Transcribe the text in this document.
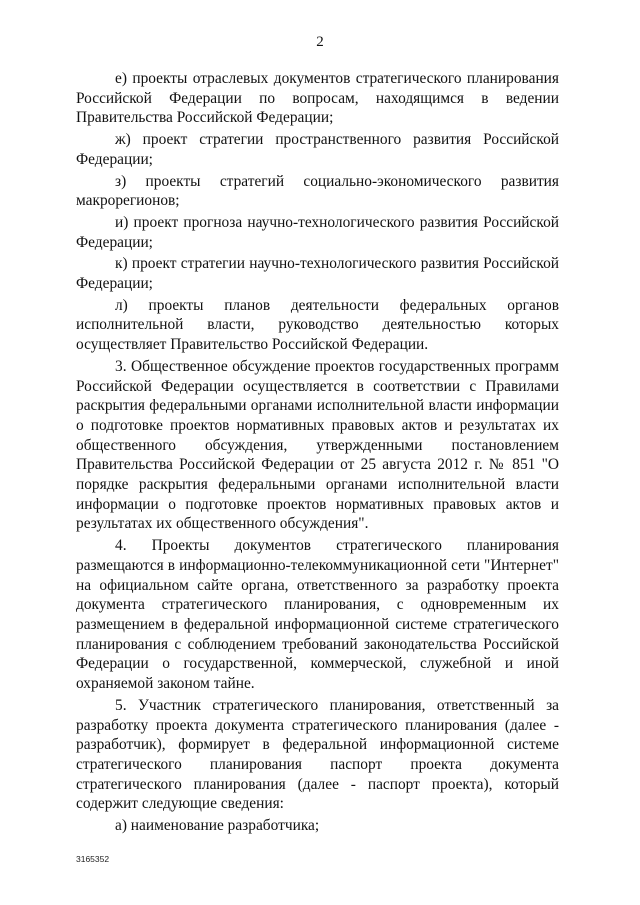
2

е) проекты отраслевых документов стратегического планирования Российской Федерации по вопросам, находящимся в ведении Правительства Российской Федерации;

ж) проект стратегии пространственного развития Российской Федерации;

з) проекты стратегий социально-экономического развития макрорегионов;

и) проект прогноза научно-технологического развития Российской Федерации;

к) проект стратегии научно-технологического развития Российской Федерации;

л) проекты планов деятельности федеральных органов исполнительной власти, руководство деятельностью которых осуществляет Правительство Российской Федерации.

3. Общественное обсуждение проектов государственных программ Российской Федерации осуществляется в соответствии с Правилами раскрытия федеральными органами исполнительной власти информации о подготовке проектов нормативных правовых актов и результатах их общественного обсуждения, утвержденными постановлением Правительства Российской Федерации от 25 августа 2012 г. № 851 "О порядке раскрытия федеральными органами исполнительной власти информации о подготовке проектов нормативных правовых актов и результатах их общественного обсуждения".

4. Проекты документов стратегического планирования размещаются в информационно-телекоммуникационной сети "Интернет" на официальном сайте органа, ответственного за разработку проекта документа стратегического планирования, с одновременным их размещением в федеральной информационной системе стратегического планирования с соблюдением требований законодательства Российской Федерации о государственной, коммерческой, служебной и иной охраняемой законом тайне.

5. Участник стратегического планирования, ответственный за разработку проекта документа стратегического планирования (далее - разработчик), формирует в федеральной информационной системе стратегического планирования паспорт проекта документа стратегического планирования (далее - паспорт проекта), который содержит следующие сведения:

а) наименование разработчика;

3165352
